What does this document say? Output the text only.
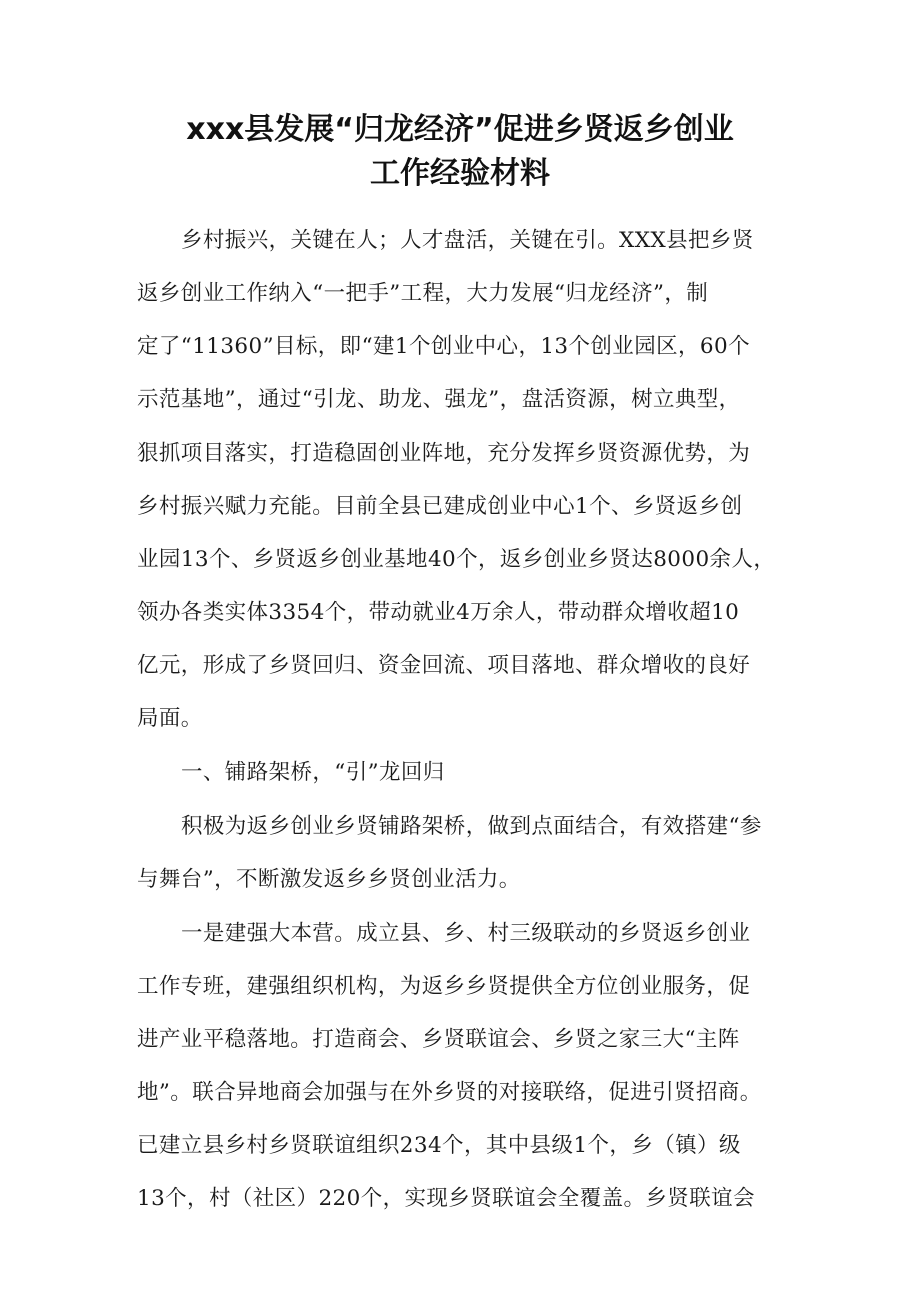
xxx县发展“归龙经济”促进乡贤返乡创业
工作经验材料
乡村振兴，关键在人；人才盘活，关键在引。XXX县把乡贤
返乡创业工作纳入“一把手”工程，大力发展“归龙经济”，制
定了“11360”目标，即“建1个创业中心，13个创业园区，60个
示范基地”，通过“引龙、助龙、强龙”，盘活资源，树立典型，
狠抓项目落实，打造稳固创业阵地，充分发挥乡贤资源优势，为
乡村振兴赋力充能。目前全县已建成创业中心1个、乡贤返乡创
业园13个、乡贤返乡创业基地40个，返乡创业乡贤达8000余人，
领办各类实体3354个，带动就业4万余人，带动群众增收超10
亿元，形成了乡贤回归、资金回流、项目落地、群众增收的良好
局面。
一、铺路架桥，“引”龙回归
积极为返乡创业乡贤铺路架桥，做到点面结合，有效搭建“参
与舞台”，不断激发返乡乡贤创业活力。
一是建强大本营。成立县、乡、村三级联动的乡贤返乡创业
工作专班，建强组织机构，为返乡乡贤提供全方位创业服务，促
进产业平稳落地。打造商会、乡贤联谊会、乡贤之家三大“主阵
地”。联合异地商会加强与在外乡贤的对接联络，促进引贤招商。
已建立县乡村乡贤联谊组织234个，其中县级1个，乡（镇）级
13个，村（社区）220个，实现乡贤联谊会全覆盖。乡贤联谊会
